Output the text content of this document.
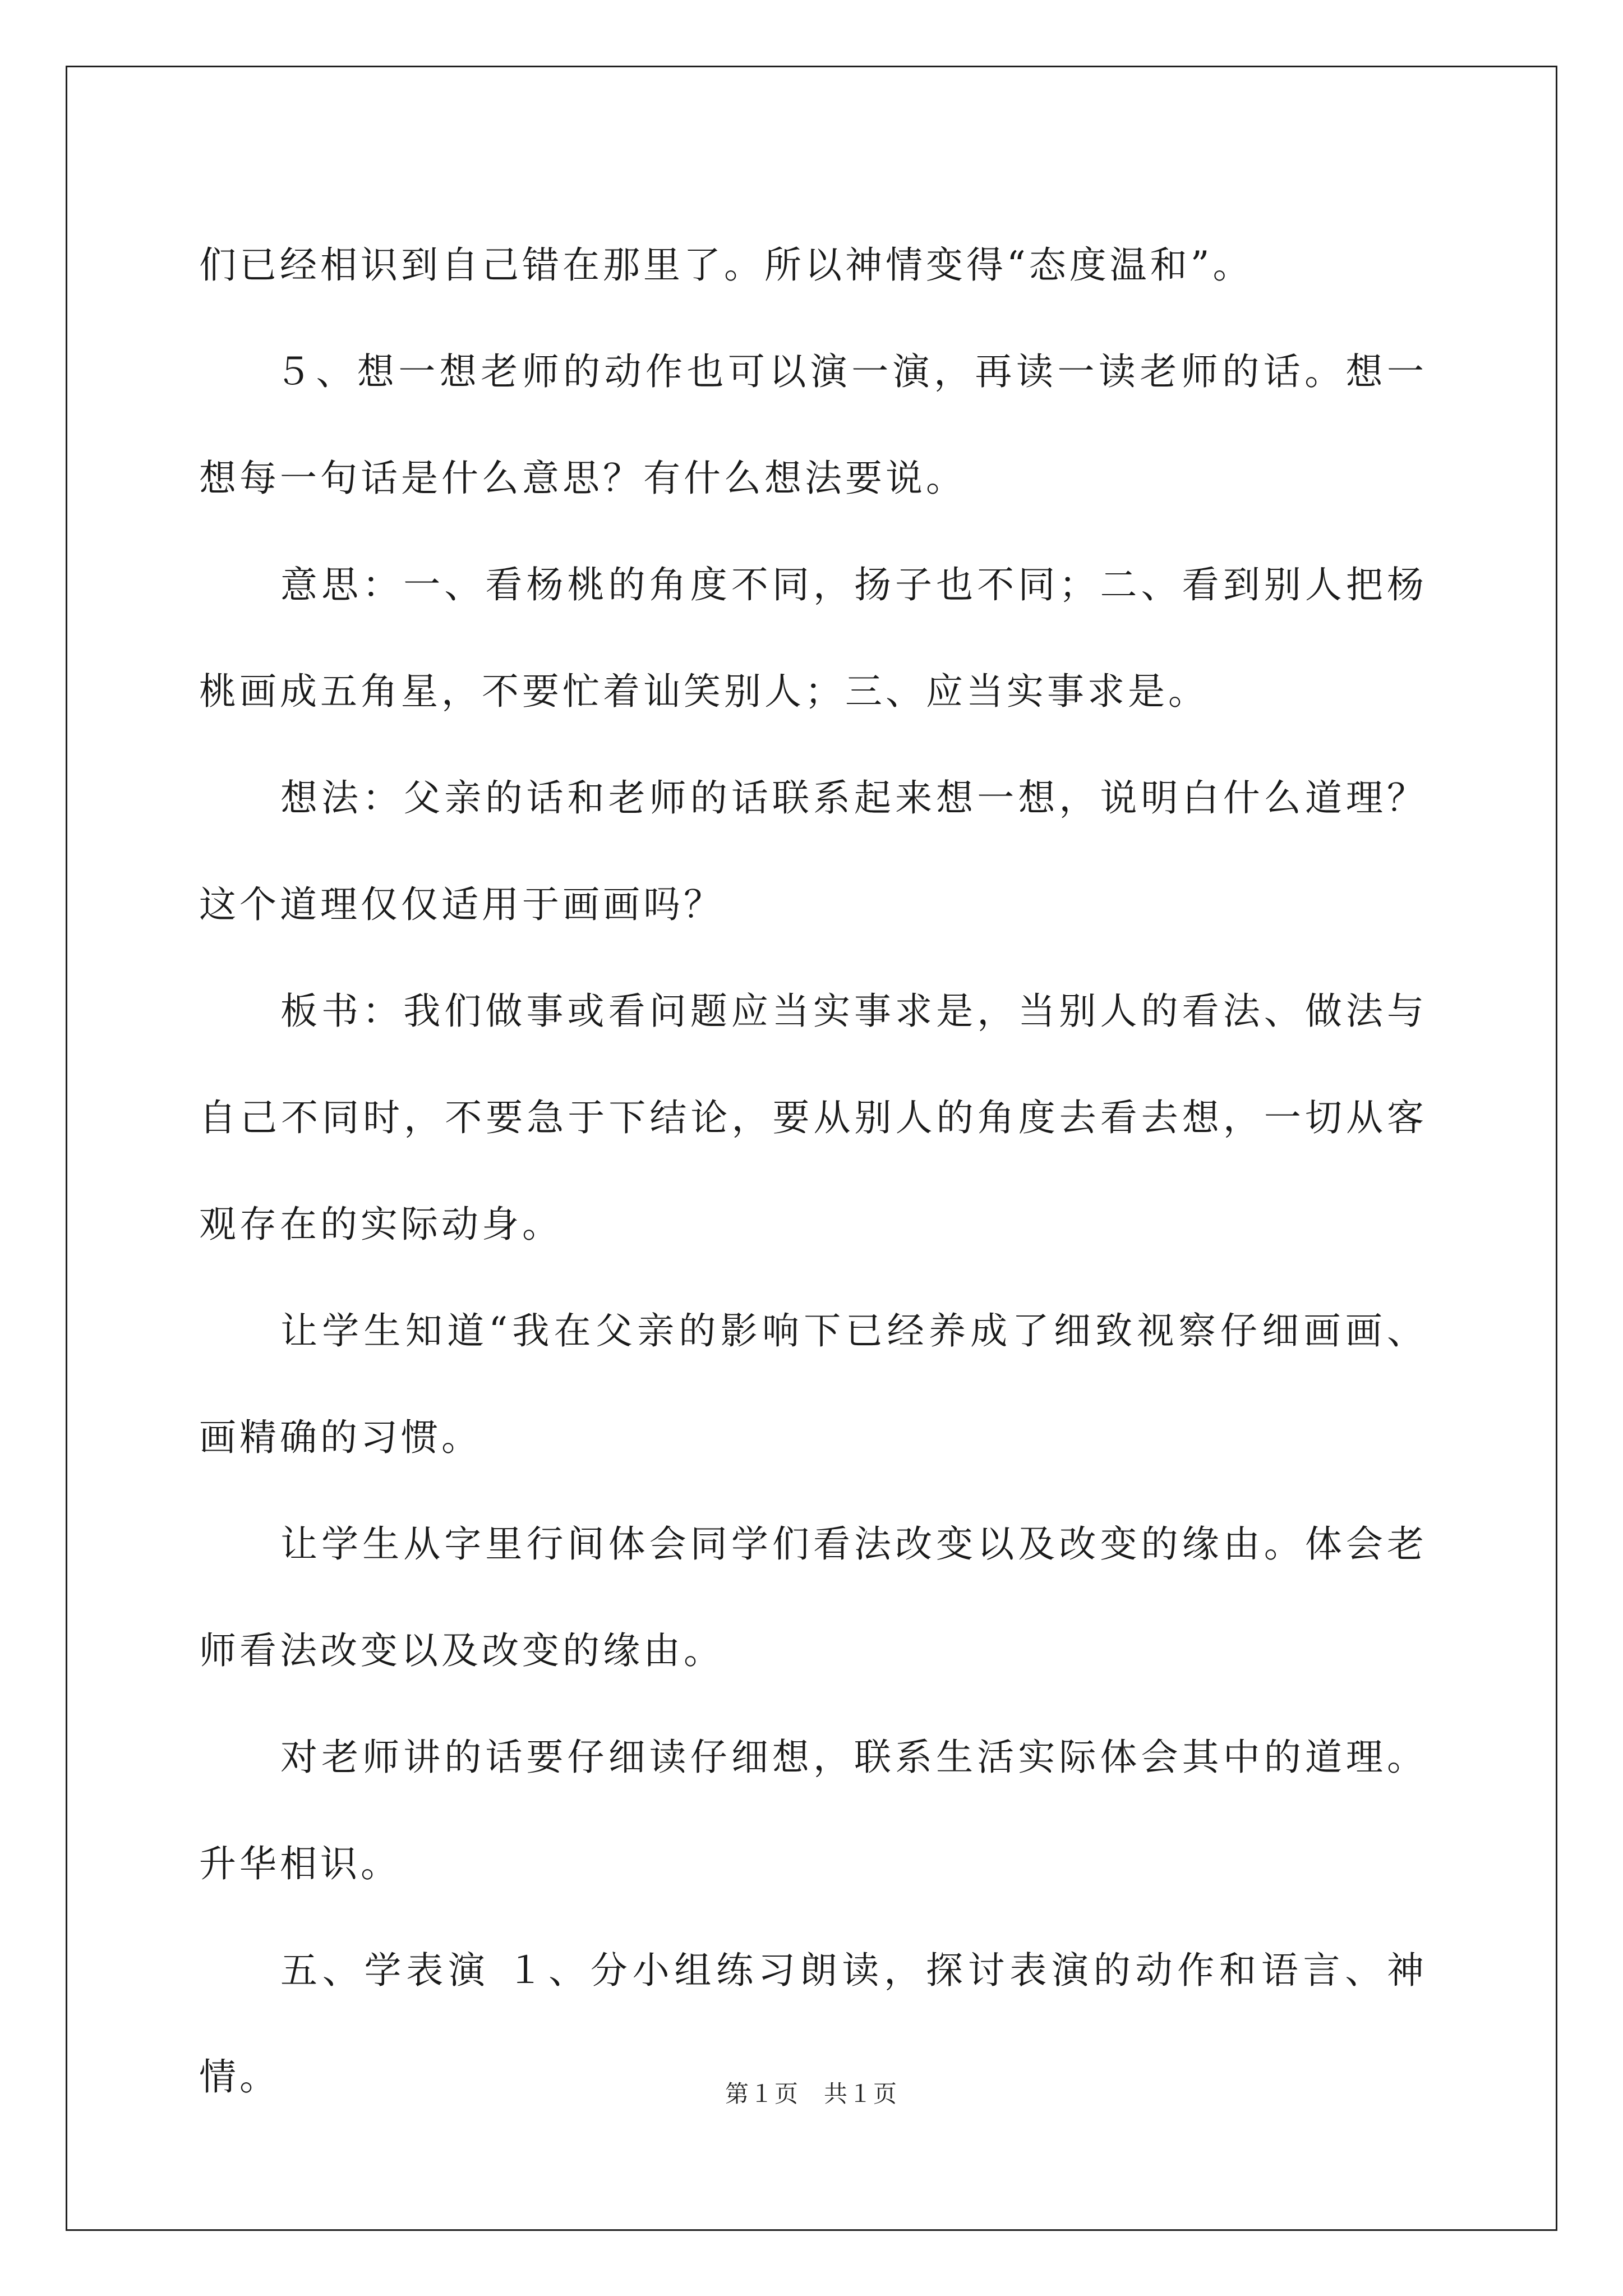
们已经相识到自己错在那里了。所以神情变得“态度温和”。

５、想一想老师的动作也可以演一演，再读一读老师的话。想一想每一句话是什么意思？有什么想法要说。

意思：一、看杨桃的角度不同，扬子也不同；二、看到别人把杨桃画成五角星，不要忙着讪笑别人；三、应当实事求是。

想法：父亲的话和老师的话联系起来想一想，说明白什么道理？这个道理仅仅适用于画画吗？

板书：我们做事或看问题应当实事求是，当别人的看法、做法与自己不同时，不要急于下结论，要从别人的角度去看去想，一切从客观存在的实际动身。

让学生知道“我在父亲的影响下已经养成了细致视察仔细画画、画精确的习惯。

让学生从字里行间体会同学们看法改变以及改变的缘由。体会老师看法改变以及改变的缘由。

对老师讲的话要仔细读仔细想，联系生活实际体会其中的道理。升华相识。

五、学表演 １、分小组练习朗读，探讨表演的动作和语言、神情。	第１页　共１页
